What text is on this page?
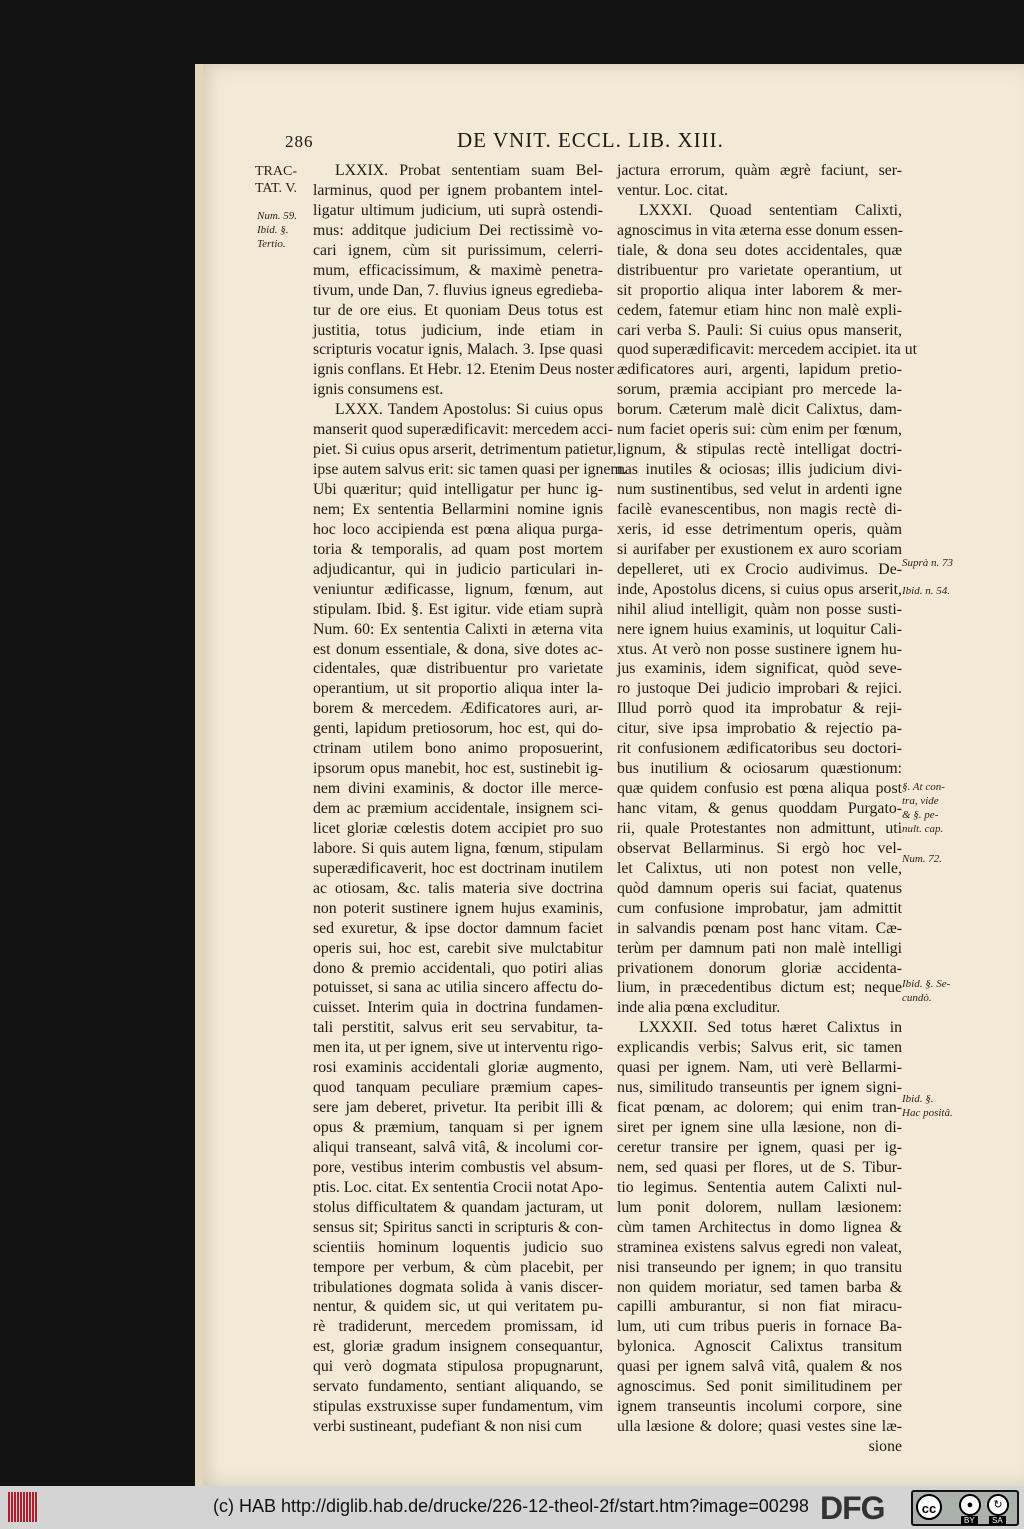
286	DE VNIT. ECCL. LIB. XIII.
TRAC-
TAT. V.
Num. 59.
Ibid. §.
Tertio.
Suprà n. 73
Ibid. n. 54.
§. At con-
tra, vide
& §. pe-
nult. cap.
Num. 72.
Ibid. §. Se-
cundò.
Ibid. §.
Hac positâ.
LXXIX. Probat sententiam suam Bel-
larminus, quod per ignem probantem intel-
ligatur ultimum judicium, uti suprà ostendi-
mus: additque judicium Dei rectissimè vo-
cari ignem, cùm sit purissimum, celerri-
mum, efficacissimum, & maximè penetra-
tivum, unde Dan, 7. fluvius igneus egredieba-
tur de ore eius. Et quoniam Deus totus est
justitia, totus judicium, inde etiam in
scripturis vocatur ignis, Malach. 3. Ipse quasi
ignis conflans. Et Hebr. 12. Etenim Deus noster
ignis consumens est.
LXXX. Tandem Apostolus: Si cuius opus
manserit quod superædificavit: mercedem acci-
piet. Si cuius opus arserit, detrimentum patietur,
ipse autem salvus erit: sic tamen quasi per ignem.
Ubi quæritur; quid intelligatur per hunc ig-
nem; Ex sententia Bellarmini nomine ignis
hoc loco accipienda est pœna aliqua purga-
toria & temporalis, ad quam post mortem
adjudicantur, qui in judicio particulari in-
veniuntur ædificasse, lignum, fœnum, aut
stipulam. Ibid. §. Est igitur. vide etiam suprà
Num. 60: Ex sententia Calixti in æterna vita
est donum essentiale, & dona, sive dotes ac-
cidentales, quæ distribuentur pro varietate
operantium, ut sit proportio aliqua inter la-
borem & mercedem. Ædificatores auri, ar-
genti, lapidum pretiosorum, hoc est, qui do-
ctrinam utilem bono animo proposuerint,
ipsorum opus manebit, hoc est, sustinebit ig-
nem divini examinis, & doctor ille merce-
dem ac præmium accidentale, insignem sci-
licet gloriæ cœlestis dotem accipiet pro suo
labore. Si quis autem ligna, fœnum, stipulam
superædificaverit, hoc est doctrinam inutilem
ac otiosam, &c. talis materia sive doctrina
non poterit sustinere ignem hujus examinis,
sed exuretur, & ipse doctor damnum faciet
operis sui, hoc est, carebit sive mulctabitur
dono & premio accidentali, quo potiri alias
potuisset, si sana ac utilia sincero affectu do-
cuisset. Interim quia in doctrina fundamen-
tali perstitit, salvus erit seu servabitur, ta-
men ita, ut per ignem, sive ut interventu rigo-
rosi examinis accidentali gloriæ augmento,
quod tanquam peculiare præmium capes-
sere jam deberet, privetur. Ita peribit illi &
opus & præmium, tanquam si per ignem
aliqui transeant, salvâ vitâ, & incolumi cor-
pore, vestibus interim combustis vel absum-
ptis. Loc. citat. Ex sententia Crocii notat Apo-
stolus difficultatem & quandam jacturam, ut
sensus sit; Spiritus sancti in scripturis & con-
scientiis hominum loquentis judicio suo
tempore per verbum, & cùm placebit, per
tribulationes dogmata solida à vanis discer-
nentur, & quidem sic, ut qui veritatem pu-
rè tradiderunt, mercedem promissam, id
est, gloriæ gradum insignem consequantur,
qui verò dogmata stipulosa propugnarunt,
servato fundamento, sentiant aliquando, se
stipulas exstruxisse super fundamentum, vim
verbi sustineant, pudefiant & non nisi cum
jactura errorum, quàm ægrè faciunt, ser-
ventur. Loc. citat.
LXXXI. Quoad sententiam Calixti,
agnoscimus in vita æterna esse donum essen-
tiale, & dona seu dotes accidentales, quæ
distribuentur pro varietate operantium, ut
sit proportio aliqua inter laborem & mer-
cedem, fatemur etiam hinc non malè expli-
cari verba S. Pauli: Si cuius opus manserit,
quod superædificavit: mercedem accipiet. ita ut
ædificatores auri, argenti, lapidum pretio-
sorum, præmia accipiant pro mercede la-
borum. Cæterum malè dicit Calixtus, dam-
num faciet operis sui: cùm enim per fœnum,
lignum, & stipulas rectè intelligat doctri-
nas inutiles & ociosas; illis judicium divi-
num sustinentibus, sed velut in ardenti igne
facilè evanescentibus, non magis rectè di-
xeris, id esse detrimentum operis, quàm
si aurifaber per exustionem ex auro scoriam
depelleret, uti ex Crocio audivimus. De-
inde, Apostolus dicens, si cuius opus arserit,
nihil aliud intelligit, quàm non posse susti-
nere ignem huius examinis, ut loquitur Cali-
xtus. At verò non posse sustinere ignem hu-
jus examinis, idem significat, quòd seve-
ro justoque Dei judicio improbari & rejici.
Illud porrò quod ita improbatur & reji-
citur, sive ipsa improbatio & rejectio pa-
rit confusionem ædificatoribus seu doctori-
bus inutilium & ociosarum quæstionum:
quæ quidem confusio est pœna aliqua post
hanc vitam, & genus quoddam Purgato-
rii, quale Protestantes non admittunt, uti
observat Bellarminus. Si ergò hoc vel-
let Calixtus, uti non potest non velle,
quòd damnum operis sui faciat, quatenus
cum confusione improbatur, jam admittit
in salvandis pœnam post hanc vitam. Cæ-
terùm per damnum pati non malè intelligi
privationem donorum gloriæ accidenta-
lium, in præcedentibus dictum est; neque
inde alia pœna excluditur.
LXXXII. Sed totus hæret Calixtus in
explicandis verbis; Salvus erit, sic tamen
quasi per ignem. Nam, uti verè Bellarmi-
nus, similitudo transeuntis per ignem signi-
ficat pœnam, ac dolorem; qui enim tran-
siret per ignem sine ulla læsione, non di-
ceretur transire per ignem, quasi per ig-
nem, sed quasi per flores, ut de S. Tibur-
tio legimus. Sententia autem Calixti nul-
lum ponit dolorem, nullam læsionem:
cùm tamen Architectus in domo lignea &
straminea existens salvus egredi non valeat,
nisi transeundo per ignem; in quo transitu
non quidem moriatur, sed tamen barba &
capilli amburantur, si non fiat miracu-
lum, uti cum tribus pueris in fornace Ba-
bylonica. Agnoscit Calixtus transitum
quasi per ignem salvâ vitâ, qualem & nos
agnoscimus. Sed ponit similitudinem per
ignem transeuntis incolumi corpore, sine
ulla læsione & dolore; quasi vestes sine læ-
sione
(c) HAB http://diglib.hab.de/drucke/226-12-theol-2f/start.htm?image=00298 DFG	cc	●	↻
BY	SA
